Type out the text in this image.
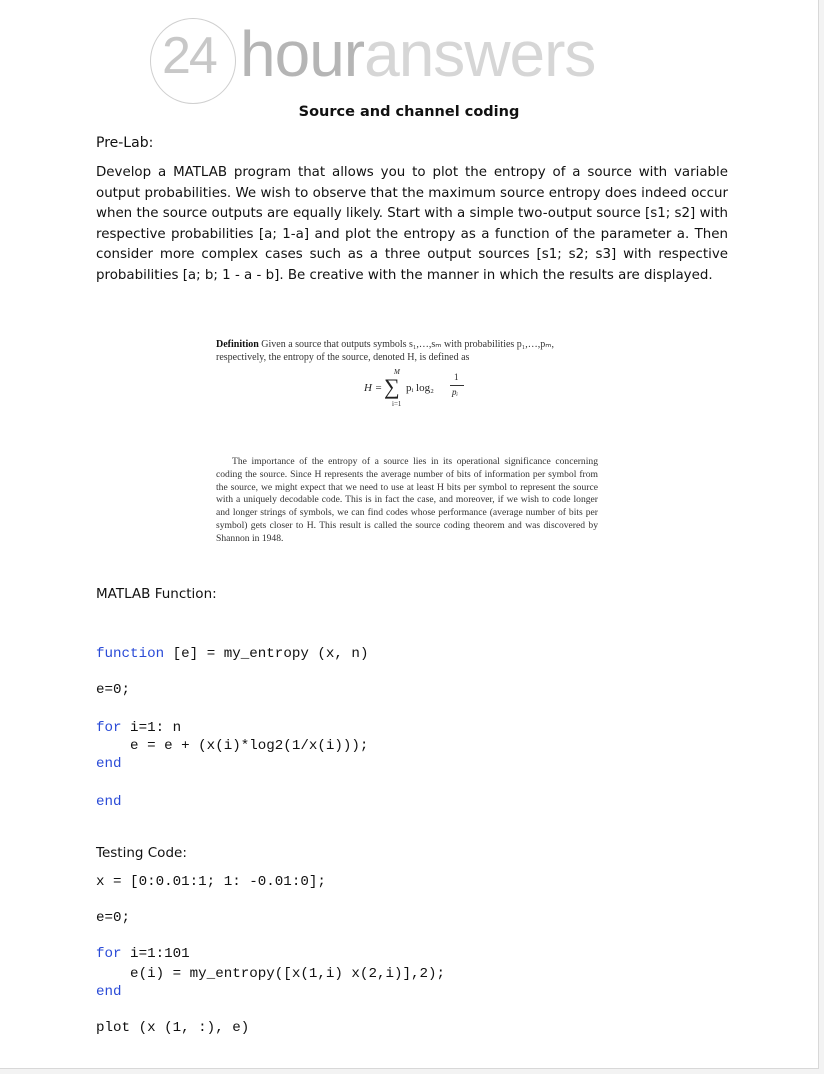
24 houranswers
Source and channel coding
Pre-Lab:
Develop a MATLAB program that allows you to plot the entropy of a source with variable output probabilities. We wish to observe that the maximum source entropy does indeed occur when the source outputs are equally likely. Start with a simple two-output source [s1; s2] with respective probabilities [a; 1-a] and plot the entropy as a function of the parameter a. Then consider more complex cases such as a three output sources [s1; s2; s3] with respective probabilities [a; b; 1 - a - b]. Be creative with the manner in which the results are displayed.
Definition Given a source that outputs symbols s₁,…,sₘ with probabilities p₁,…,pₘ, respectively, the entropy of the source, denoted H, is defined as
H =
M
∑
i=1
pᵢ log₂
1
pᵢ
The importance of the entropy of a source lies in its operational significance concerning coding the source. Since H represents the average number of bits of information per symbol from the source, we might expect that we need to use at least H bits per symbol to represent the source with a uniquely decodable code. This is in fact the case, and moreover, if we wish to code longer and longer strings of symbols, we can find codes whose performance (average number of bits per symbol) gets closer to H. This result is called the source coding theorem and was discovered by Shannon in 1948.
MATLAB Function:
function [e] = my_entropy (x, n)
e=0;
for i=1: n
e = e + (x(i)*log2(1/x(i)));
end
end
Testing Code:
x = [0:0.01:1; 1: -0.01:0];
e=0;
for i=1:101
e(i) = my_entropy([x(1,i) x(2,i)],2);
end
plot (x (1, :), e)
